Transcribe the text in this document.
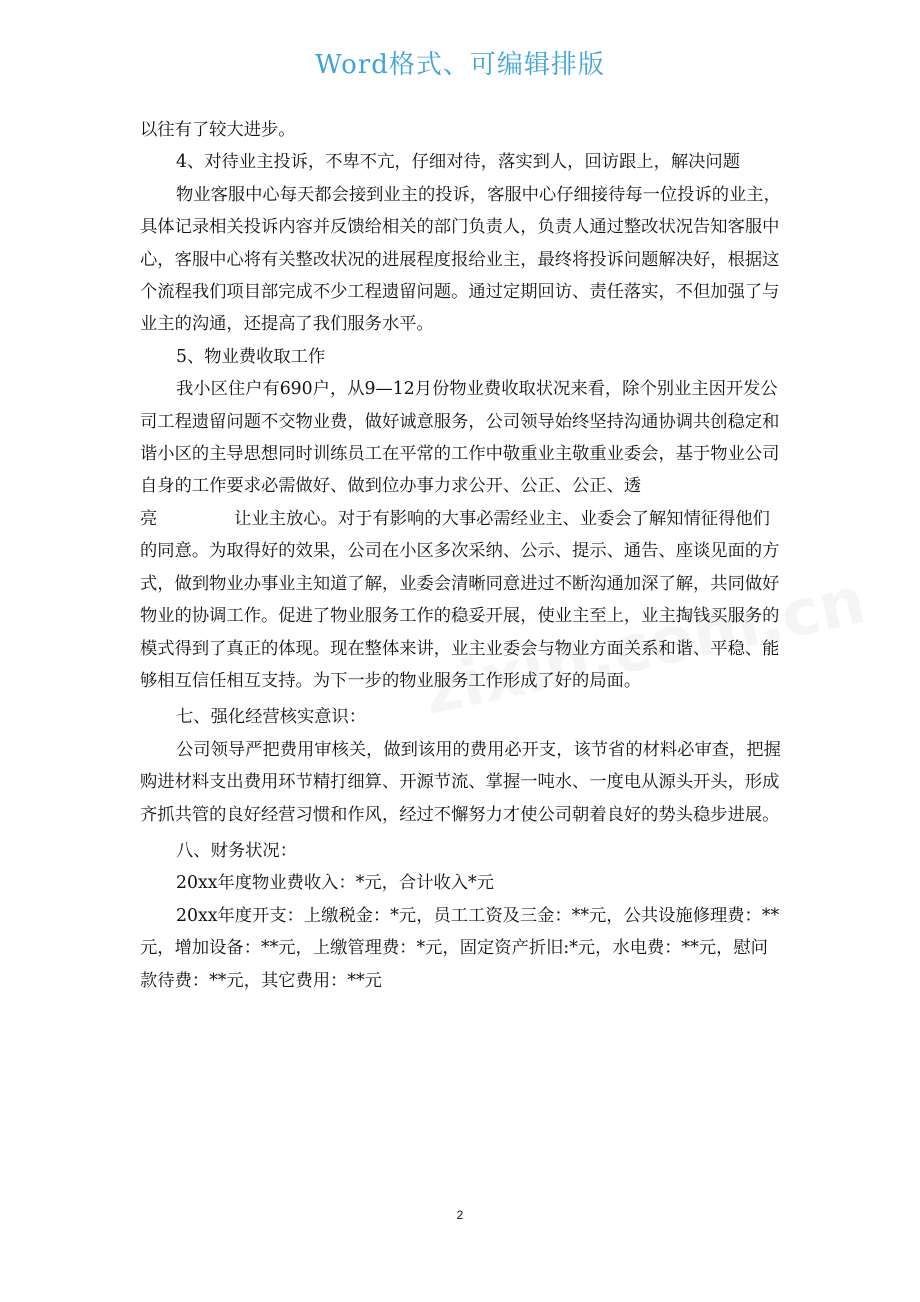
Word格式、可编辑排版

以往有了较大进步。

4、对待业主投诉，不卑不亢，仔细对待，落实到人，回访跟上，解决问题

物业客服中心每天都会接到业主的投诉，客服中心仔细接待每一位投诉的业主，具体记录相关投诉内容并反馈给相关的部门负责人，负责人通过整改状况告知客服中心，客服中心将有关整改状况的进展程度报给业主，最终将投诉问题解决好，根据这个流程我们项目部完成不少工程遗留问题。通过定期回访、责任落实，不但加强了与业主的沟通，还提高了我们服务水平。

5、物业费收取工作

我小区住户有690户，从9—12月份物业费收取状况来看，除个别业主因开发公司工程遗留问题不交物业费，做好诚意服务，公司领导始终坚持沟通协调共创稳定和谐小区的主导思想同时训练员工在平常的工作中敬重业主敬重业委会，基于物业公司自身的工作要求必需做好、做到位办事力求公开、公正、公正、透

亮              让业主放心。对于有影响的大事必需经业主、业委会了解知情征得他们的同意。为取得好的效果，公司在小区多次采纳、公示、提示、通告、座谈见面的方式，做到物业办事业主知道了解，业委会清晰同意进过不断沟通加深了解，共同做好物业的协调工作。促进了物业服务工作的稳妥开展，使业主至上，业主掏钱买服务的模式得到了真正的体现。现在整体来讲，业主业委会与物业方面关系和谐、平稳、能够相互信任相互支持。为下一步的物业服务工作形成了好的局面。

七、强化经营核实意识：

公司领导严把费用审核关，做到该用的费用必开支，该节省的材料必审查，把握购进材料支出费用环节精打细算、开源节流、掌握一吨水、一度电从源头开头，形成齐抓共管的良好经营习惯和作风，经过不懈努力才使公司朝着良好的势头稳步进展。

八、财务状况：

20xx年度物业费收入：*元，合计收入*元

20xx年度开支：上缴税金：*元，员工工资及三金：**元，公共设施修理费：**元，增加设备：**元，上缴管理费：*元，固定资产折旧:*元，水电费：**元，慰问款待费：**元，其它费用：**元

2
